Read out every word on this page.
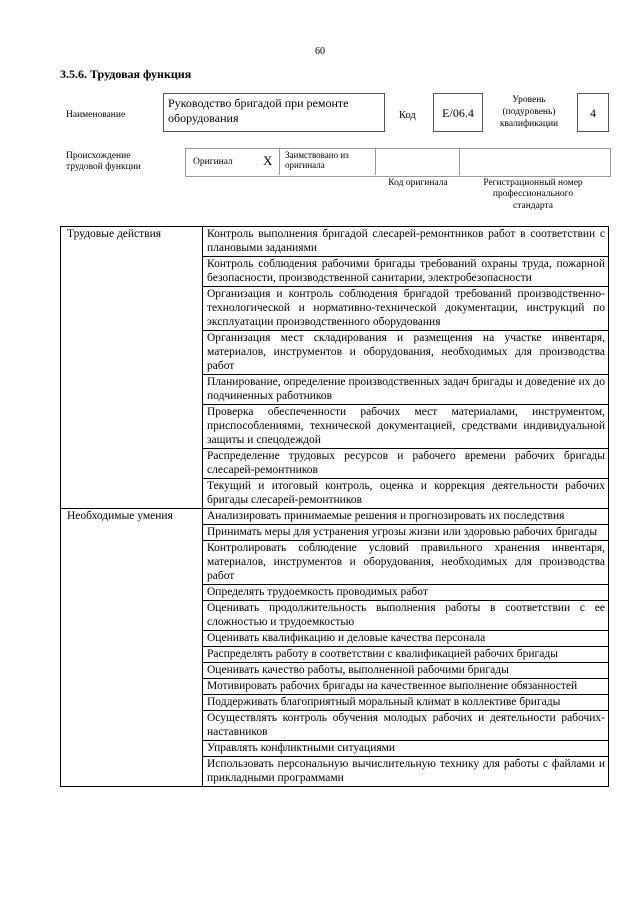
60
3.5.6. Трудовая функция
Наименование
Руководство бригадой при ремонте оборудования	Код	E/06.4
Уровень (подуровень) квалификации
4
Происхождение трудовой функции	Оригинал X Заимствовано из оригинала
Код оригинала	Регистрационный номер профессионального стандарта
Трудовые действия	Контроль выполнения бригадой слесарей-ремонтников работ в соответствии с плановыми заданиями
	Контроль соблюдения рабочими бригады требований охраны труда, пожарной безопасности, производственной санитарии, электробезопасности
	Организация и контроль соблюдения бригадой требований производственно-технологической и нормативно-технической документации, инструкций по эксплуатации производственного оборудования
	Организация мест складирования и размещения на участке инвентаря, материалов, инструментов и оборудования, необходимых для производства работ
	Планирование, определение производственных задач бригады и доведение их до подчиненных работников
	Проверка обеспеченности рабочих мест материалами, инструментом, приспособлениями, технической документацией, средствами индивидуальной защиты и спецодеждой
	Распределение трудовых ресурсов и рабочего времени рабочих бригады слесарей-ремонтников
	Текущий и итоговый контроль, оценка и коррекция деятельности рабочих бригады слесарей-ремонтников
Необходимые умения	Анализировать принимаемые решения и прогнозировать их последствия
	Принимать меры для устранения угрозы жизни или здоровью рабочих бригады
	Контролировать соблюдение условий правильного хранения инвентаря, материалов, инструментов и оборудования, необходимых для производства работ
	Определять трудоемкость проводимых работ
	Оценивать продолжительность выполнения работы в соответствии с ее сложностью и трудоемкостью
	Оценивать квалификацию и деловые качества персонала
	Распределять работу в соответствии с квалификацией рабочих бригады
	Оценивать качество работы, выполненной рабочими бригады
	Мотивировать рабочих бригады на качественное выполнение обязанностей
	Поддерживать благоприятный моральный климат в коллективе бригады
	Осуществлять контроль обучения молодых рабочих и деятельности рабочих-наставников
	Управлять конфликтными ситуациями
	Использовать персональную вычислительную технику для работы с файлами и прикладными программами
